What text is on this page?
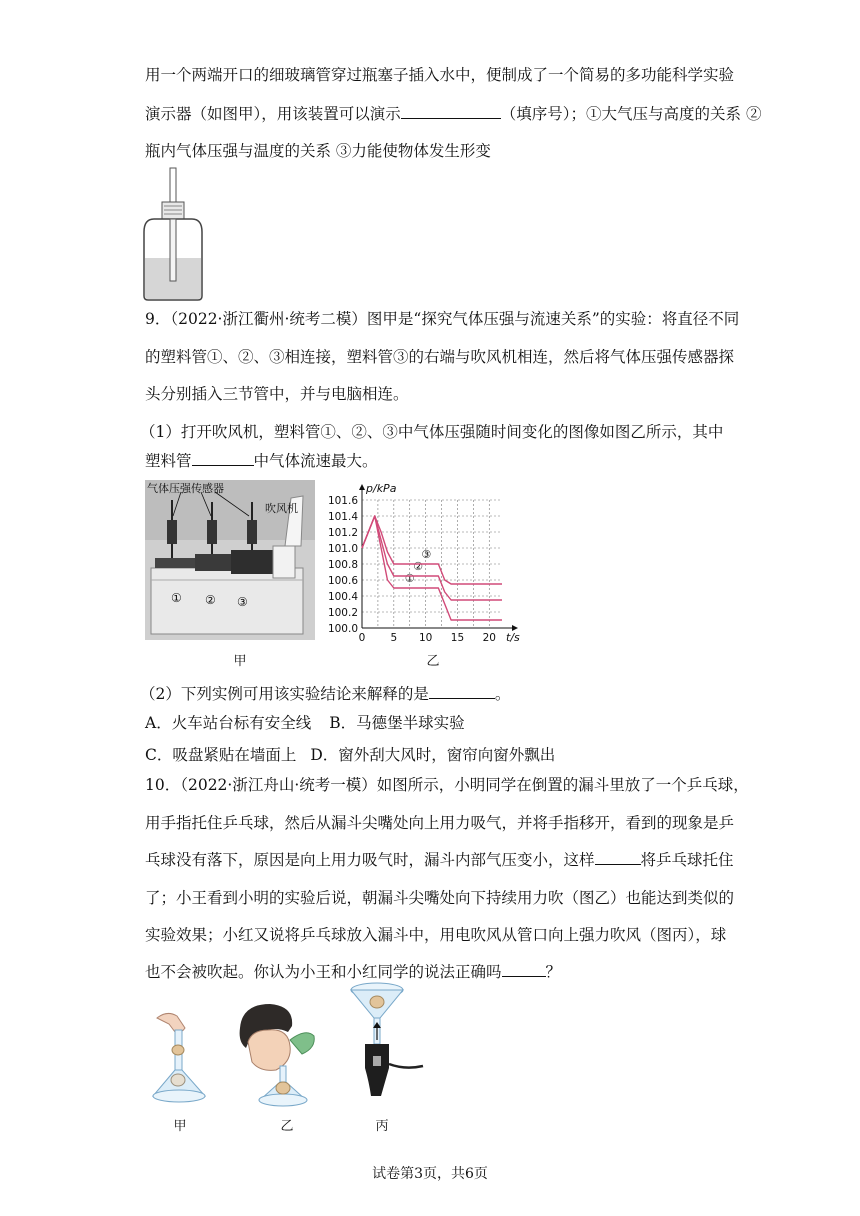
用一个两端开口的细玻璃管穿过瓶塞子插入水中，便制成了一个简易的多功能科学实验
演示器（如图甲），用该装置可以演示	（填序号）；①大气压与高度的关系 ②
瓶内气体压强与温度的关系 ③力能使物体发生形变
9．（2022·浙江衢州·统考二模）图甲是“探究气体压强与流速关系”的实验：将直径不同
的塑料管①、②、③相连接，塑料管③的右端与吹风机相连，然后将气体压强传感器探
头分别插入三节管中，并与电脑相连。
（1）打开吹风机，塑料管①、②、③中气体压强随时间变化的图像如图乙所示，其中
塑料管	中气体流速最大。
气体压强传感器
吹风机
① ② ③
甲
100.0
100.2
100.4
100.6
100.8
101.0
101.2
101.4
101.6
0 5 10 15 20
p/kPa
t/s
①
②
③
乙
（2）下列实例可用该实验结论来解释的是	。
A．火车站台标有安全线 B．马德堡半球实验
C．吸盘紧贴在墙面上 D．窗外刮大风时，窗帘向窗外飘出
10．（2022·浙江舟山·统考一模）如图所示，小明同学在倒置的漏斗里放了一个乒乓球，
用手指托住乒乓球，然后从漏斗尖嘴处向上用力吸气，并将手指移开，看到的现象是乒
乓球没有落下，原因是向上用力吸气时，漏斗内部气压变小，这样	将乒乓球托住
了；小王看到小明的实验后说，朝漏斗尖嘴处向下持续用力吹（图乙）也能达到类似的
实验效果；小红又说将乒乓球放入漏斗中，用电吹风从管口向上强力吹风（图丙），球
也不会被吹起。你认为小王和小红同学的说法正确吗	？
甲	乙	丙
试卷第3页，共6页
